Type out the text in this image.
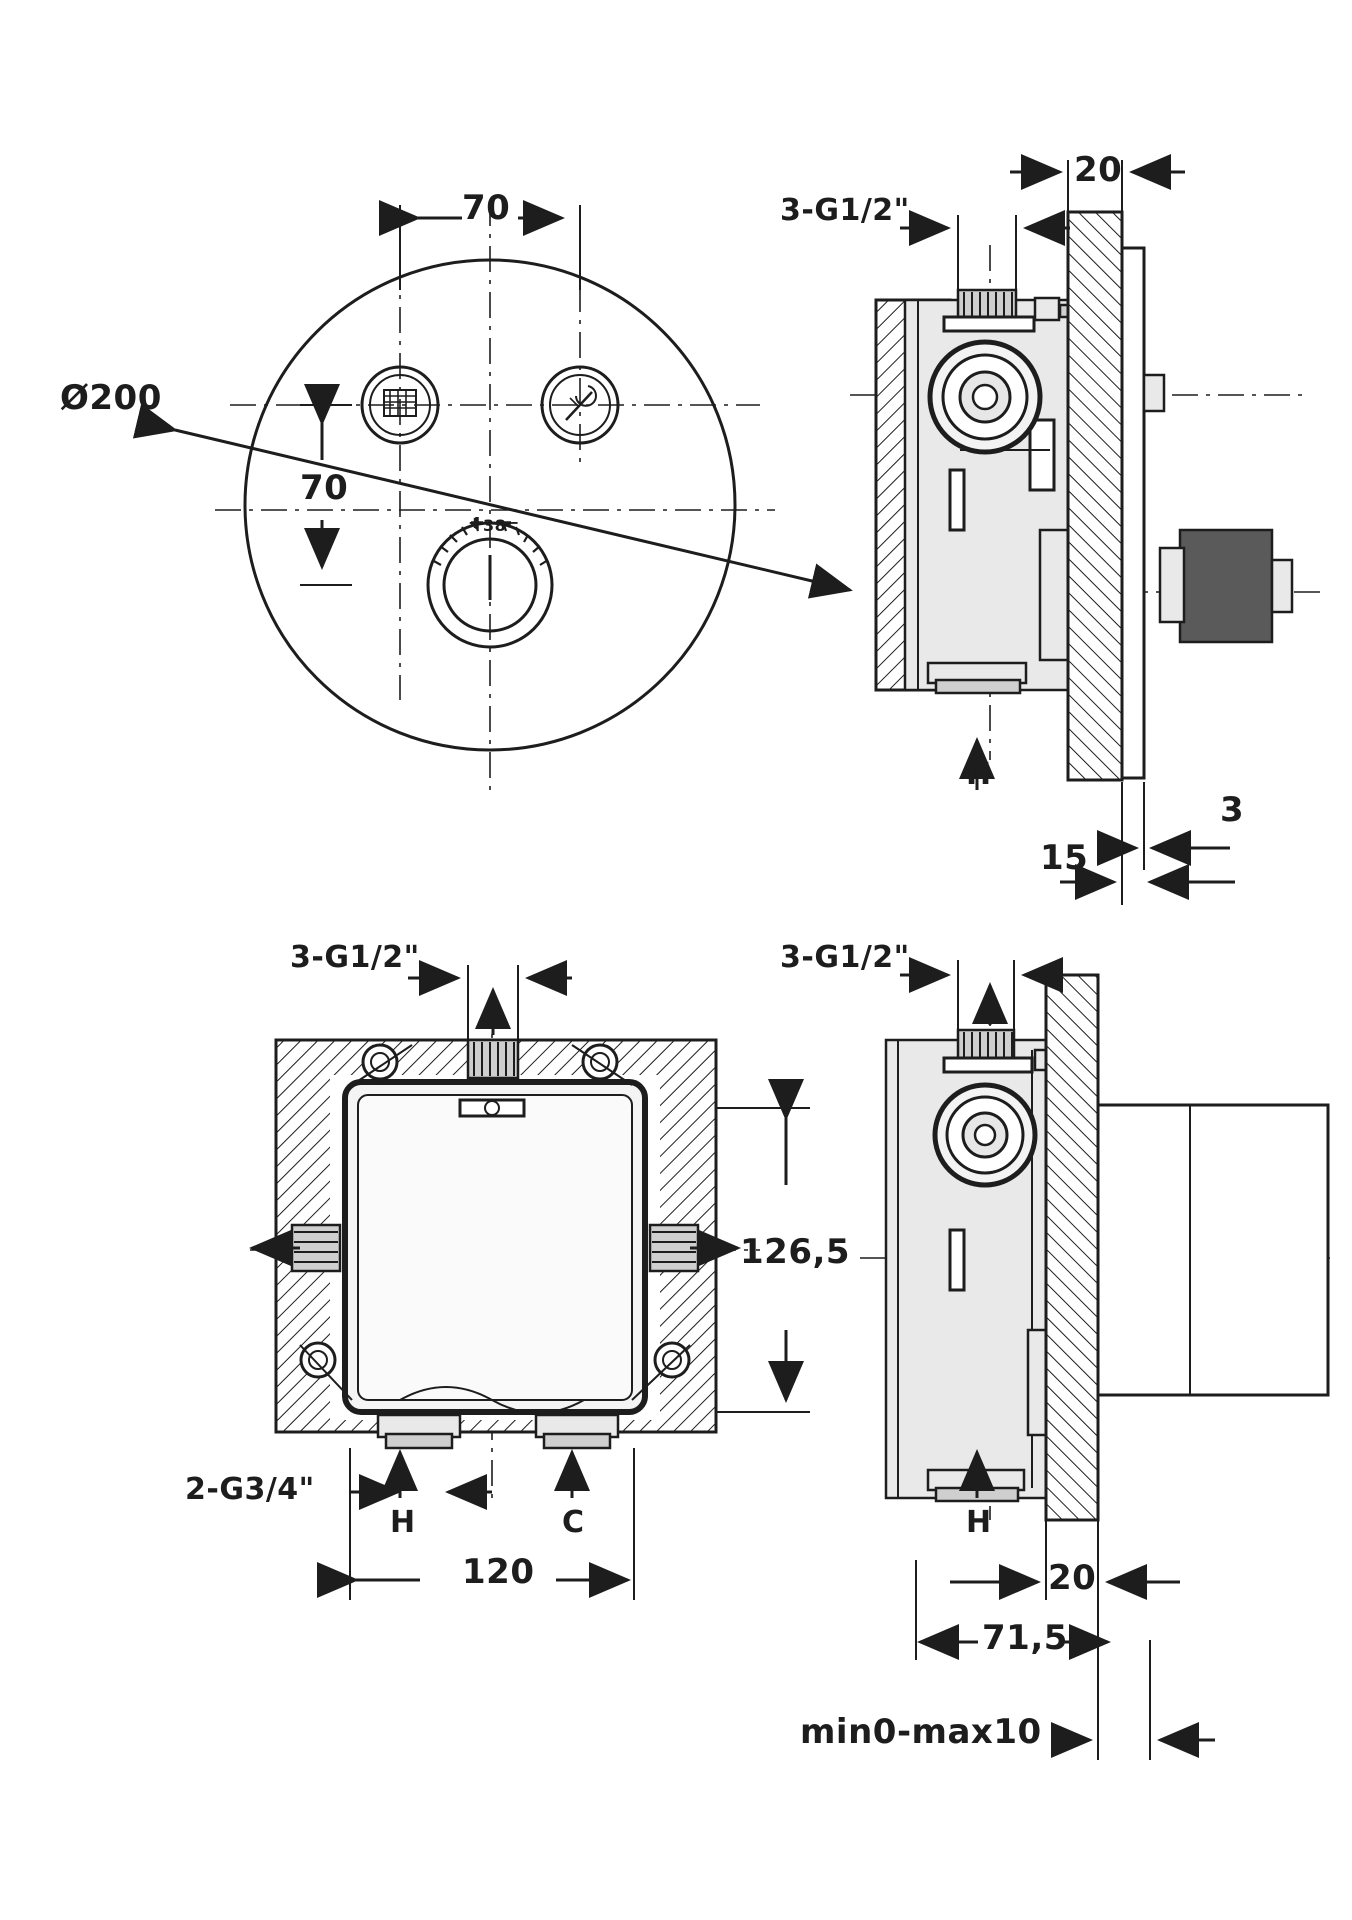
Ø200
70
70
+ 38 −
3-G1/2"
20
3
15
H
3-G1/2"	3-G1/2"
2-G3/4"
H	C
126,5
120
H
20
71,5
min0-max10
